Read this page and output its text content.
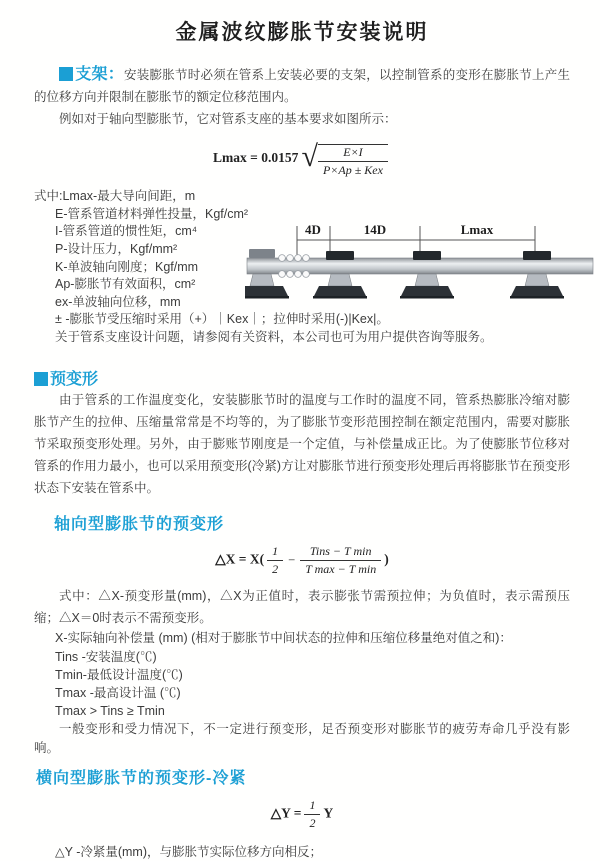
金属波纹膨胀节安装说明

支架：安装膨胀节时必须在管系上安装必要的支架，以控制管系的变形在膨胀节上产生的位移方向并限制在膨胀节的额定位移范围内。

例如对于轴向型膨胀节，它对管系支座的基本要求如图所示：

Lmax = 0.0157 √ $\frac{E\times I}{\text{P×Ap ± Kex}}$
式中:Lmax-最大导向间距，m
E-管系管道材料弹性投量，Kgf/cm²
I-管系管道的惯性矩，cm⁴
P-设计压力，Kgf/mm²
K-单波轴向刚度；Kgf/mm
Ap-膨胀节有效面积，cm²
ex-单波轴向位移，mm
± -膨胀节受压缩时采用（+）｜Kex｜；拉伸时采用(-)|Kex|。
关于管系支座设计问题，请参阅有关资料，本公司也可为用户提供咨询等服务。
4D	14D	Lmax
预变形

由于管系的工作温度变化，安装膨胀节时的温度与工作时的温度不同，管系热膨胀冷缩对膨胀节产生的拉伸、压缩量常常是不均等的，为了膨胀节变形范围控制在额定范围内，需要对膨胀节采取预变形处理。另外，由于膨账节刚度是一个定值，与补偿量成正比。为了使膨胀节位移对管系的作用力最小，也可以采用预变形(冷紧)方让对膨胀节进行预变形处理后再将膨胀节在预变形状态下安装在管系中。

轴向型膨胀节的预变形
△X = $X( \frac{1}{2} - \frac{\text{Tins − T min}}{\text{T max − T min}}$ )

式中：△X-预变形量(mm)，△X为正值时，表示膨张节需预拉伸；为负值时，表示需预压缩；△X＝0时表示不需预变形。

X-实际轴向补偿量 (mm) (相对于膨胀节中间状态的拉伸和压缩位移量绝对值之和)：
Tins -安装温度(℃)
Tmin-最低设计温度(℃)
Tmax -最高设计温 (℃)
Tmax > Tins ≥ Tmin
一般变形和受力情况下，不一定进行预变形，足否预变形对膨胀节的疲劳寿命几乎没有影响。
横向型膨胀节的预变形-冷紧
△Y = $\frac{1}{2}$ Y
△Y -冷紧量(mm)，与膨胀节实际位移方向相反；
